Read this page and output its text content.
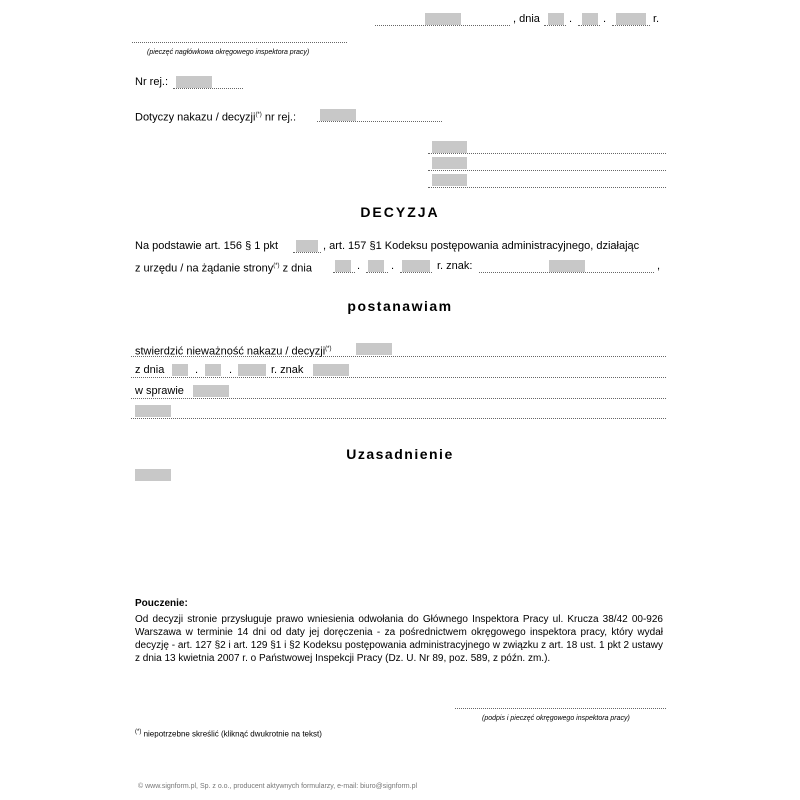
, dnia	.	.	r.
(pieczęć nagłówkowa okręgowego inspektora pracy)
Nr rej.:
Dotyczy nakazu / decyzji(*) nr rej.:
DECYZJA
Na podstawie art. 156 § 1 pkt	, art. 157 §1 Kodeksu postępowania administracyjnego, działając
z urzędu / na żądanie strony(*) z dnia	.	.	r. znak:	,
postanawiam
stwierdzić nieważność nakazu / decyzji(*)
z dnia	.	.	r. znak
w sprawie
Uzasadnienie
Pouczenie:
Od decyzji stronie przysługuje prawo wniesienia odwołania do Głównego Inspektora Pracy ul. Krucza 38/42 00-926 Warszawa w terminie 14 dni od daty jej doręczenia - za pośrednictwem okręgowego inspektora pracy, który wydał decyzję - art. 127 §2 i art. 129 §1 i §2 Kodeksu postępowania administracyjnego w związku z art. 18 ust. 1 pkt 2 ustawy z dnia 13 kwietnia 2007 r. o Państwowej Inspekcji Pracy (Dz. U. Nr 89, poz. 589, z późn. zm.).
(podpis i pieczęć okręgowego inspektora pracy)
(*) niepotrzebne skreślić (kliknąć dwukrotnie na tekst)
© www.signform.pl, Sp. z o.o., producent aktywnych formularzy, e-mail: biuro@signform.pl
